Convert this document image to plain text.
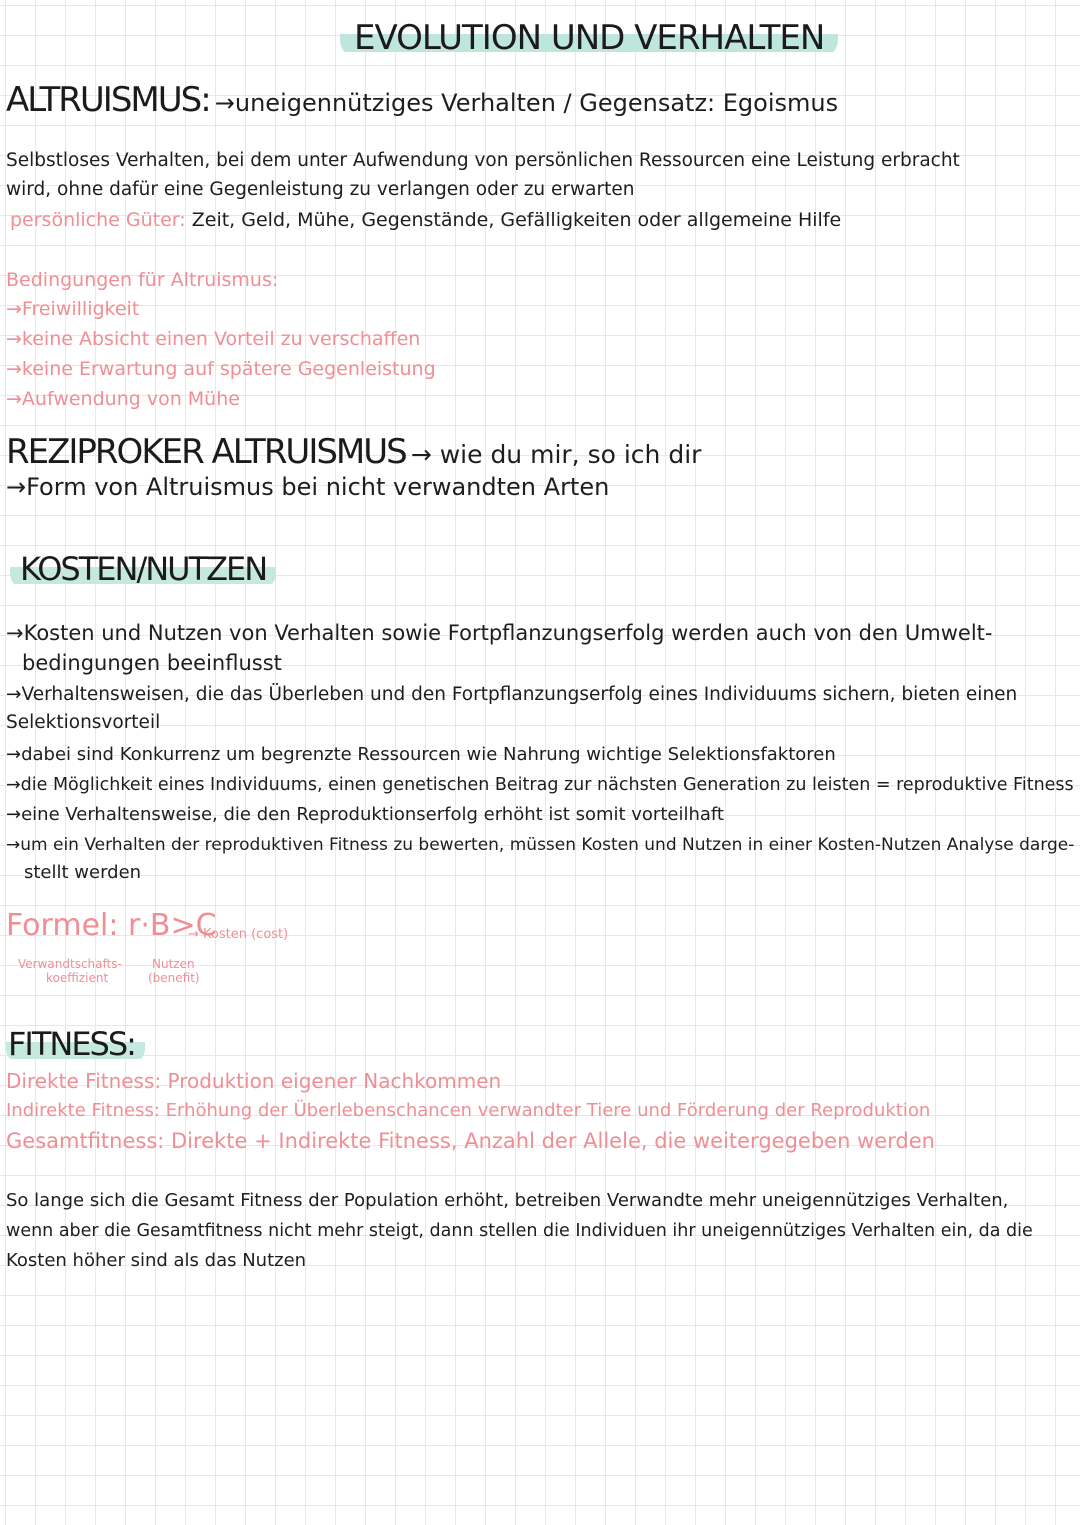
EVOLUTION UND VERHALTEN
ALTRUISMUS: →uneigennütziges Verhalten / Gegensatz: Egoismus
Selbstloses Verhalten, bei dem unter Aufwendung von persönlichen Ressourcen eine Leistung erbracht
wird, ohne dafür eine Gegenleistung zu verlangen oder zu erwarten
persönliche Güter: Zeit, Geld, Mühe, Gegenstände, Gefälligkeiten oder allgemeine Hilfe
Bedingungen für Altruismus:
→Freiwilligkeit
→keine Absicht einen Vorteil zu verschaffen
→keine Erwartung auf spätere Gegenleistung
→Aufwendung von Mühe
REZIPROKER ALTRUISMUS → wie du mir, so ich dir
→Form von Altruismus bei nicht verwandten Arten
KOSTEN/NUTZEN
→Kosten und Nutzen von Verhalten sowie Fortpflanzungserfolg werden auch von den Umwelt-
bedingungen beeinflusst
→Verhaltensweisen, die das Überleben und den Fortpflanzungserfolg eines Individuums sichern, bieten einen
Selektionsvorteil
→dabei sind Konkurrenz um begrenzte Ressourcen wie Nahrung wichtige Selektionsfaktoren
→die Möglichkeit eines Individuums, einen genetischen Beitrag zur nächsten Generation zu leisten = reproduktive Fitness
→eine Verhaltensweise, die den Reproduktionserfolg erhöht ist somit vorteilhaft
→um ein Verhalten der reproduktiven Fitness zu bewerten, müssen Kosten und Nutzen in einer Kosten-Nutzen Analyse darge-
stellt werden
Formel: r·B>C
→ Kosten (cost)
Verwandtschafts-
koeffizient
Nutzen
(benefit)
FITNESS:
Direkte Fitness: Produktion eigener Nachkommen
Indirekte Fitness: Erhöhung der Überlebenschancen verwandter Tiere und Förderung der Reproduktion
Gesamtfitness: Direkte + Indirekte Fitness, Anzahl der Allele, die weitergegeben werden
So lange sich die Gesamt Fitness der Population erhöht, betreiben Verwandte mehr uneigennütziges Verhalten,
wenn aber die Gesamtfitness nicht mehr steigt, dann stellen die Individuen ihr uneigennütziges Verhalten ein, da die
Kosten höher sind als das Nutzen
